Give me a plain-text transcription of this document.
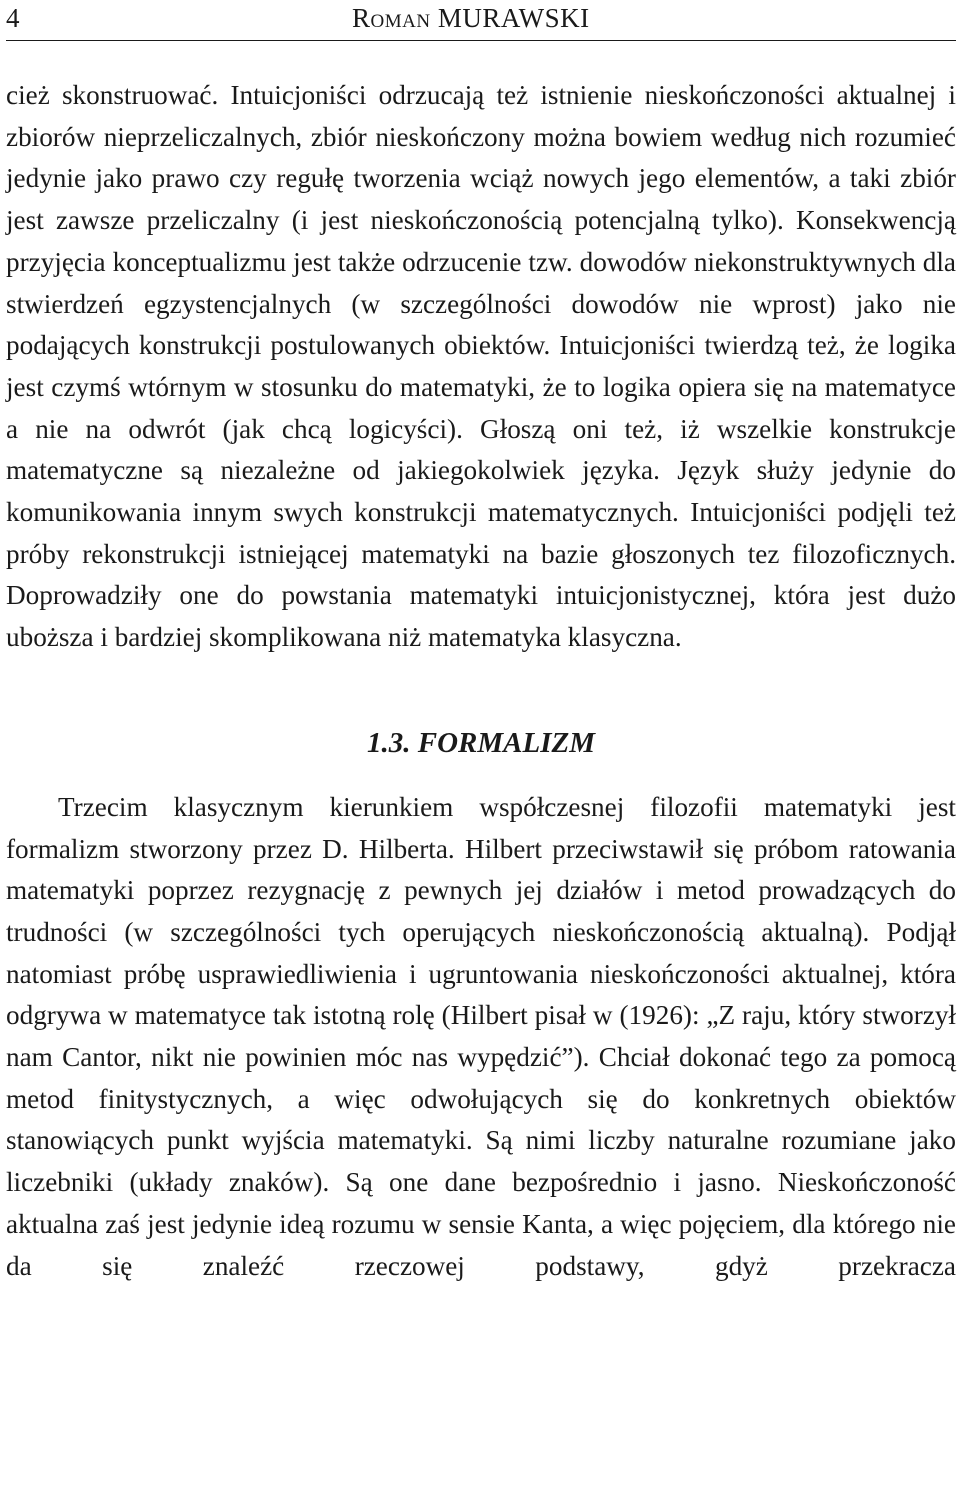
4	Roman MURAWSKI

cież skonstruować. Intuicjoniści odrzucają też istnienie nieskończoności aktualnej i zbiorów nieprzeliczalnych, zbiór nieskończony można bowiem według nich rozumieć jedynie jako prawo czy regułę tworzenia wciąż nowych jego elementów, a taki zbiór jest zawsze przeliczalny (i jest nieskończonością potencjalną tylko). Konsekwencją przyjęcia konceptualizmu jest także odrzucenie tzw. dowodów niekonstruktywnych dla stwierdzeń egzystencjalnych (w szczególności dowodów nie wprost) jako nie podających konstrukcji postulowanych obiektów. Intuicjoniści twierdzą też, że logika jest czymś wtórnym w stosunku do matematyki, że to logika opiera się na matematyce a nie na odwrót (jak chcą logicyści). Głoszą oni też, iż wszelkie konstrukcje matematyczne są niezależne od jakiegokolwiek języka. Język służy jedynie do komunikowania innym swych konstrukcji matematycznych. Intuicjoniści podjęli też próby rekonstrukcji istniejącej matematyki na bazie głoszonych tez filozoficznych. Doprowadziły one do powstania matematyki intuicjonistycznej, która jest dużo uboższa i bardziej skomplikowana niż matematyka klasyczna.

1.3. FORMALIZM

Trzecim klasycznym kierunkiem współczesnej filozofii matematyki jest formalizm stworzony przez D. Hilberta. Hilbert przeciwstawił się próbom ratowania matematyki poprzez rezygnację z pewnych jej działów i metod prowadzących do trudności (w szczególności tych operujących nieskończonością aktualną). Podjął natomiast próbę usprawiedliwienia i ugruntowania nieskończoności aktualnej, która odgrywa w matematyce tak istotną rolę (Hilbert pisał w (1926): „Z raju, który stworzył nam Cantor, nikt nie powinien móc nas wypędzić”). Chciał dokonać tego za pomocą metod finitystycznych, a więc odwołujących się do konkretnych obiektów stanowiących punkt wyjścia matematyki. Są nimi liczby naturalne rozumiane jako liczebniki (układy znaków). Są one dane bezpośrednio i jasno. Nieskończoność aktualna zaś jest jedynie ideą rozumu w sensie Kanta, a więc pojęciem, dla którego nie da się znaleźć rzeczowej podstawy, gdyż przekracza
